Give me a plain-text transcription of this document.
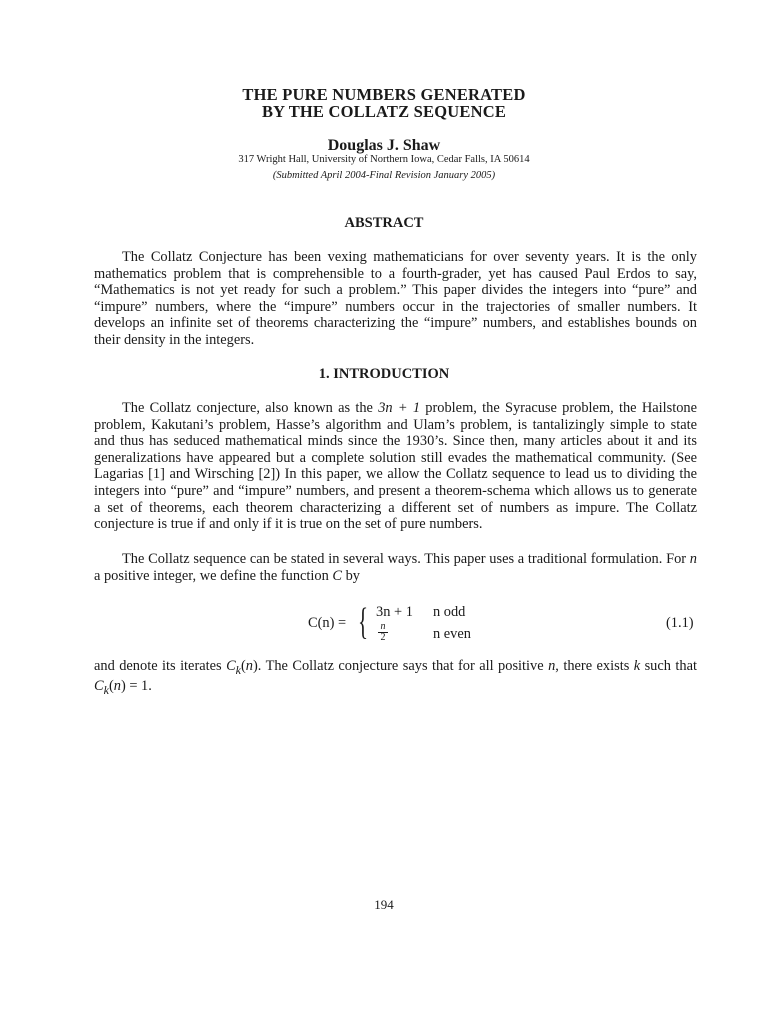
THE PURE NUMBERS GENERATED
BY THE COLLATZ SEQUENCE
Douglas J. Shaw
317 Wright Hall, University of Northern Iowa, Cedar Falls, IA 50614
(Submitted April 2004-Final Revision January 2005)
ABSTRACT

The Collatz Conjecture has been vexing mathematicians for over seventy years. It is the only mathematics problem that is comprehensible to a fourth-grader, yet has caused Paul Erdos to say, “Mathematics is not yet ready for such a problem.” This paper divides the integers into “pure” and “impure” numbers, where the “impure” numbers occur in the trajectories of smaller numbers. It develops an infinite set of theorems characterizing the “impure” numbers, and establishes bounds on their density in the integers.

1. INTRODUCTION

The Collatz conjecture, also known as the 3n + 1 problem, the Syracuse problem, the Hailstone problem, Kakutani’s problem, Hasse’s algorithm and Ulam’s problem, is tantalizingly simple to state and thus has seduced mathematical minds since the 1930’s. Since then, many articles about it and its generalizations have appeared but a complete solution still evades the mathematical community. (See Lagarias [1] and Wirsching [2]) In this paper, we allow the Collatz sequence to lead us to dividing the integers into “pure” and “impure” numbers, and present a theorem-schema which allows us to generate a set of theorems, each theorem characterizing a different set of numbers as impure. The Collatz conjecture is true if and only if it is true on the set of pure numbers.

The Collatz sequence can be stated in several ways. This paper uses a traditional formulation. For n a positive integer, we define the function C by

C(n) = { 3n + 1 n odd
n
2	n even
(1.1)

and denote its iterates $C_k(n)$. The Collatz conjecture says that for all positive n, there exists k such that $C_k(n) = 1$.

194
